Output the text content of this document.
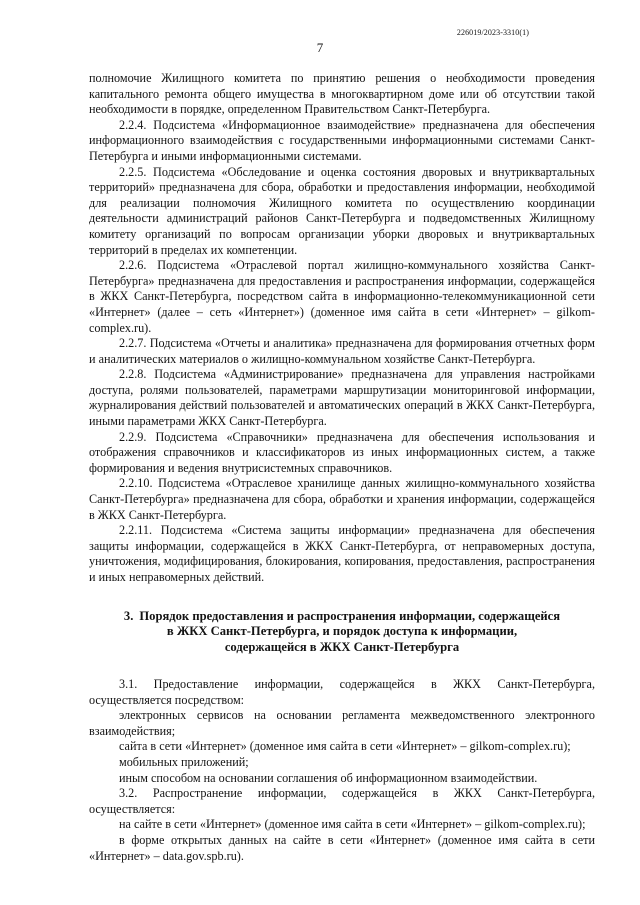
226019/2023-3310(1)
7

полномочие Жилищного комитета по принятию решения о необходимости проведения капитального ремонта общего имущества в многоквартирном доме или об отсутствии такой необходимости в порядке, определенном Правительством Санкт-Петербурга.

2.2.4. Подсистема «Информационное взаимодействие» предназначена для обеспечения информационного взаимодействия с государственными информационными системами Санкт-Петербурга и иными информационными системами.

2.2.5. Подсистема «Обследование и оценка состояния дворовых и внутриквартальных территорий» предназначена для сбора, обработки и предоставления информации, необходимой для реализации полномочия Жилищного комитета по осуществлению координации деятельности администраций районов Санкт-Петербурга и подведомственных Жилищному комитету организаций по вопросам организации уборки дворовых и внутриквартальных территорий в пределах их компетенции.

2.2.6. Подсистема «Отраслевой портал жилищно-коммунального хозяйства Санкт-Петербурга» предназначена для предоставления и распространения информации, содержащейся в ЖКХ Санкт-Петербурга, посредством сайта в информационно-телекоммуникационной сети «Интернет» (далее – сеть «Интернет») (доменное имя сайта в сети «Интернет» – gilkom-complex.ru).

2.2.7. Подсистема «Отчеты и аналитика» предназначена для формирования отчетных форм и аналитических материалов о жилищно-коммунальном хозяйстве Санкт-Петербурга.

2.2.8. Подсистема «Администрирование» предназначена для управления настройками доступа, ролями пользователей, параметрами маршрутизации мониторинговой информации, журналирования действий пользователей и автоматических операций в ЖКХ Санкт-Петербурга, иными параметрами ЖКХ Санкт-Петербурга.

2.2.9. Подсистема «Справочники» предназначена для обеспечения использования и отображения справочников и классификаторов из иных информационных систем, а также формирования и ведения внутрисистемных справочников.

2.2.10. Подсистема «Отраслевое хранилище данных жилищно-коммунального хозяйства Санкт-Петербурга» предназначена для сбора, обработки и хранения информации, содержащейся в ЖКХ Санкт-Петербурга.

2.2.11. Подсистема «Система защиты информации» предназначена для обеспечения защиты информации, содержащейся в ЖКХ Санкт-Петербурга, от неправомерных доступа, уничтожения, модифицирования, блокирования, копирования, предоставления, распространения и иных неправомерных действий.

3. Порядок предоставления и распространения информации, содержащейся
в ЖКХ Санкт-Петербурга, и порядок доступа к информации,
содержащейся в ЖКХ Санкт-Петербурга

3.1. Предоставление информации, содержащейся в ЖКХ Санкт-Петербурга, осуществляется посредством:

электронных сервисов на основании регламента межведомственного электронного взаимодействия;

сайта в сети «Интернет» (доменное имя сайта в сети «Интернет» – gilkom-complex.ru);

мобильных приложений;

иным способом на основании соглашения об информационном взаимодействии.

3.2. Распространение информации, содержащейся в ЖКХ Санкт-Петербурга, осуществляется:

на сайте в сети «Интернет» (доменное имя сайта в сети «Интернет» – gilkom-complex.ru);

в форме открытых данных на сайте в сети «Интернет» (доменное имя сайта в сети «Интернет» – data.gov.spb.ru).
